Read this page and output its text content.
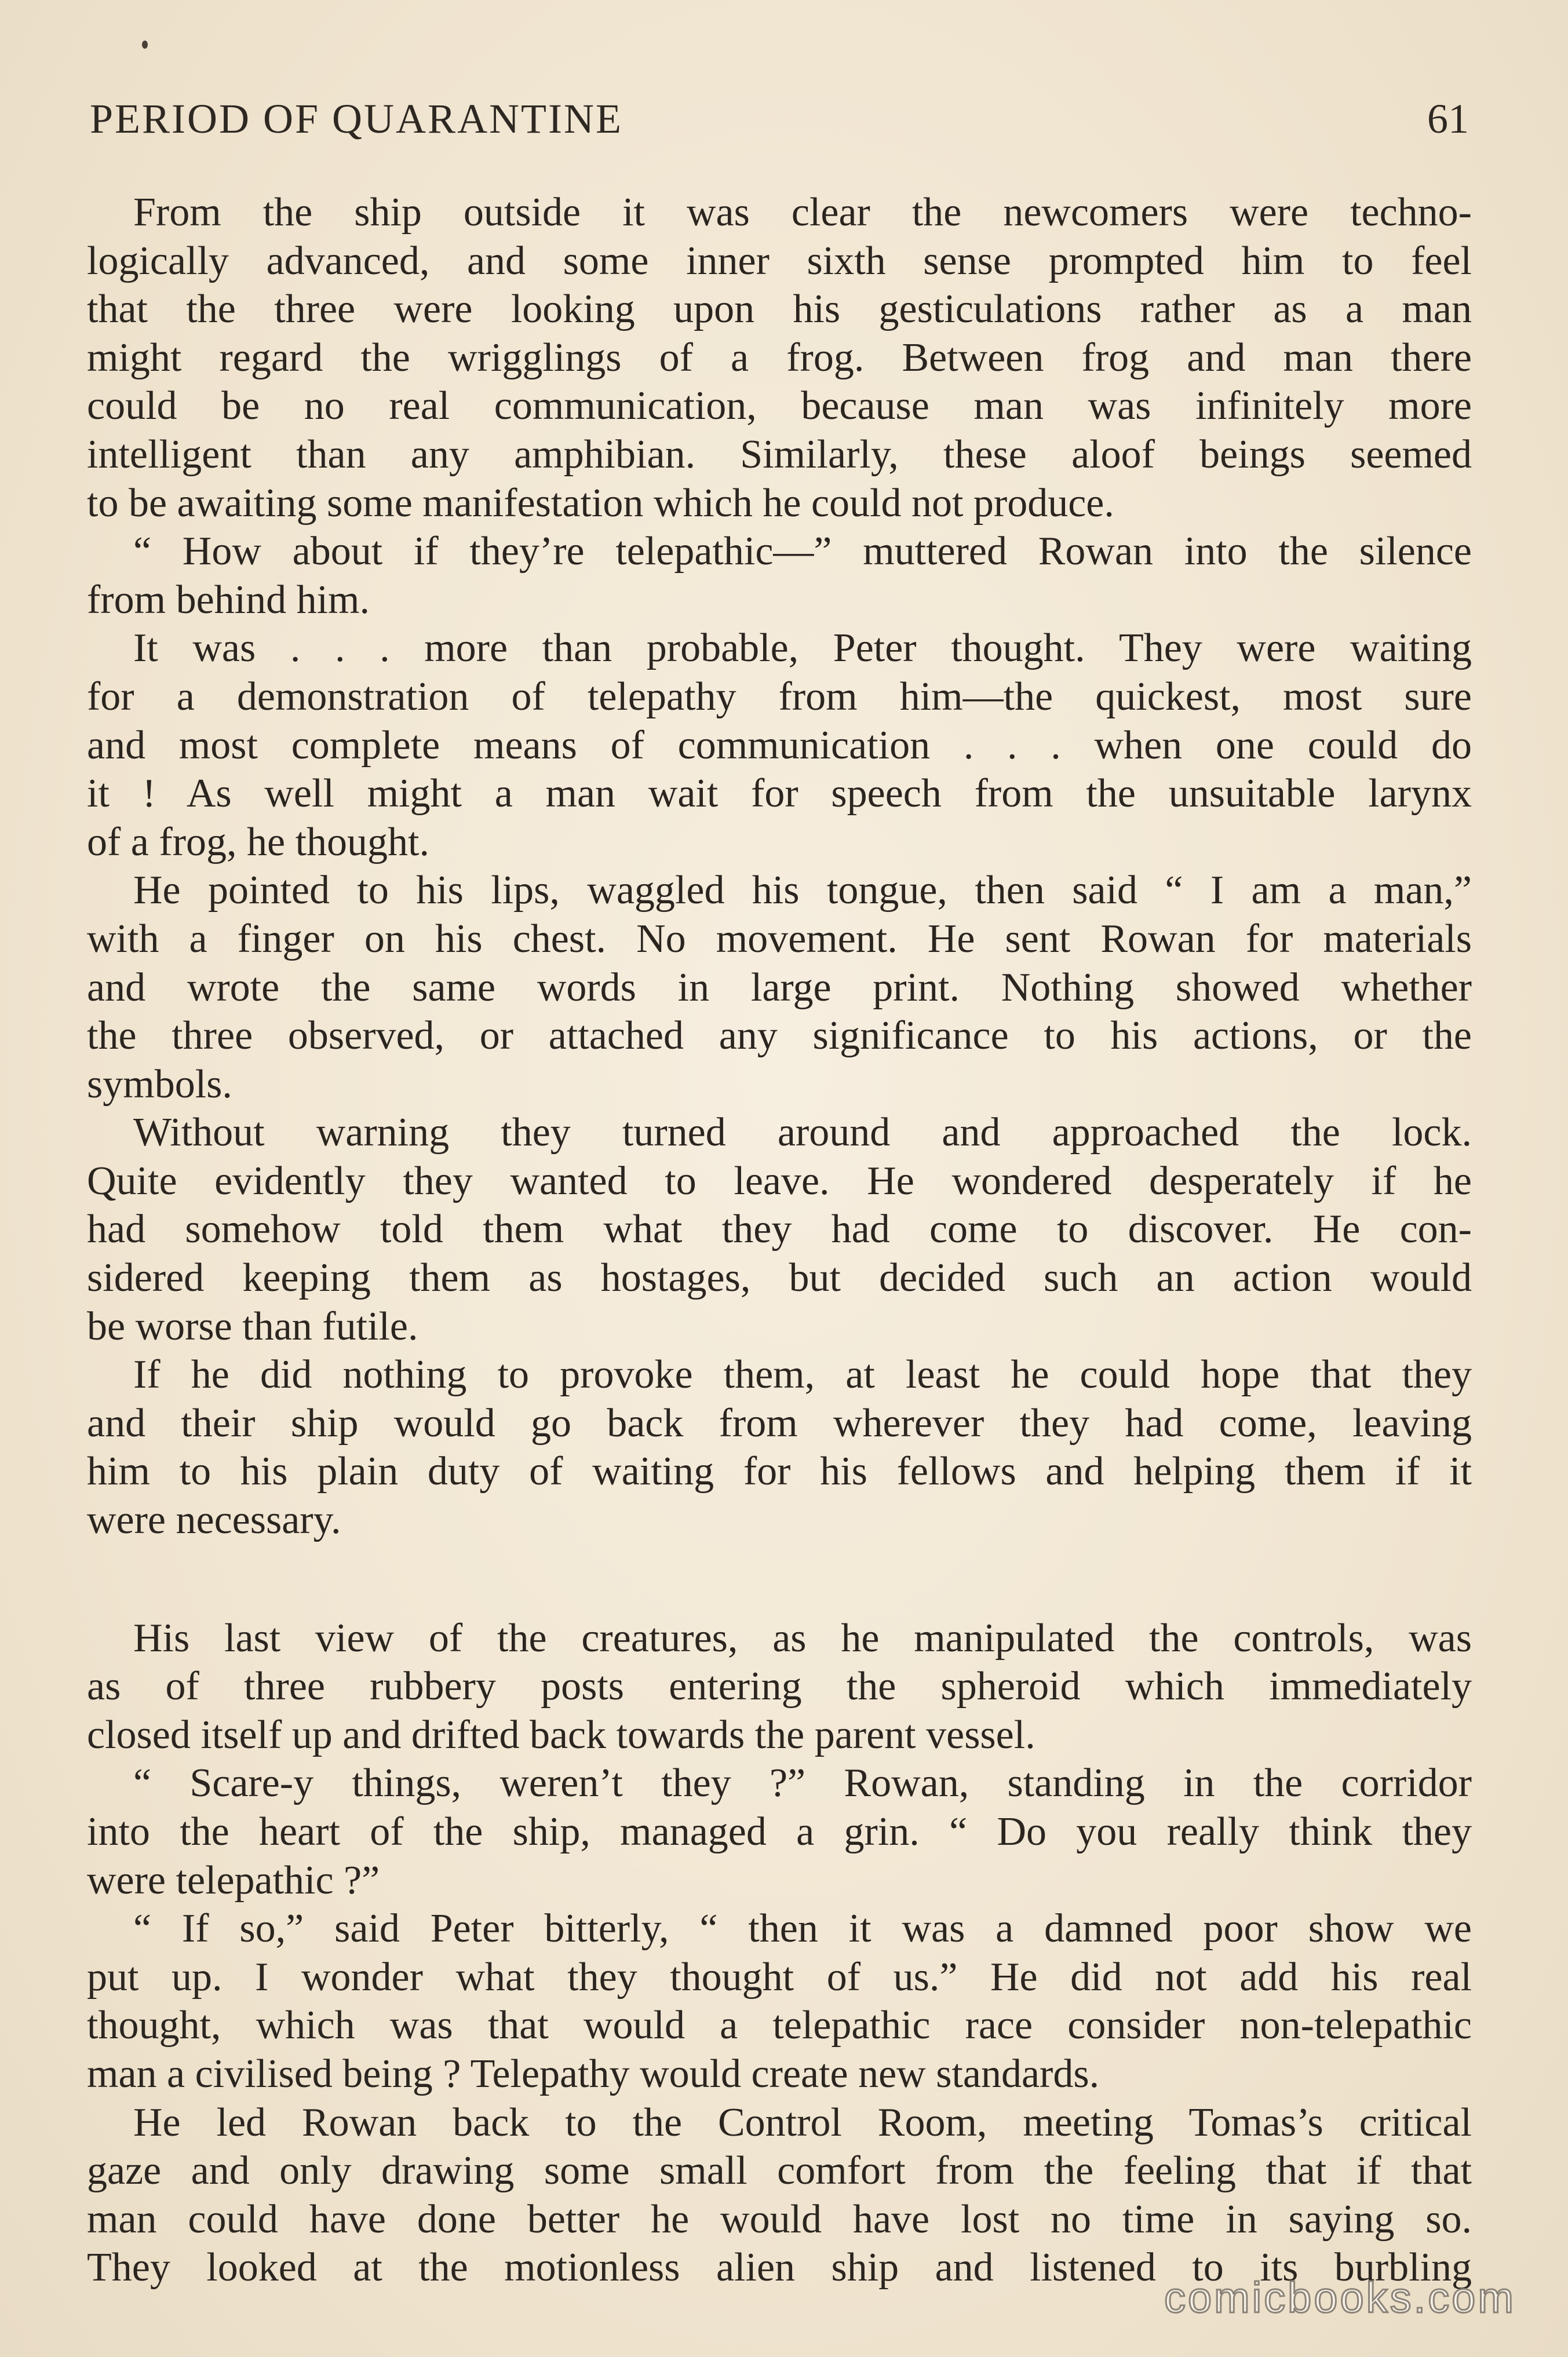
PERIOD OF QUARANTINE	61
From the ship outside it was clear the newcomers were techno-
logically advanced, and some inner sixth sense prompted him to feel
that the three were looking upon his gesticulations rather as a man
might regard the wrigglings of a frog. Between frog and man there
could be no real communication, because man was infinitely more
intelligent than any amphibian. Similarly, these aloof beings seemed
to be awaiting some manifestation which he could not produce.
“ How about if they’re telepathic—” muttered Rowan into the silence
from behind him.
It was . . . more than probable, Peter thought. They were waiting
for a demonstration of telepathy from him—the quickest, most sure
and most complete means of communication . . . when one could do
it ! As well might a man wait for speech from the unsuitable larynx
of a frog, he thought.
He pointed to his lips, waggled his tongue, then said “ I am a man,”
with a finger on his chest. No movement. He sent Rowan for materials
and wrote the same words in large print. Nothing showed whether
the three observed, or attached any significance to his actions, or the
symbols.
Without warning they turned around and approached the lock.
Quite evidently they wanted to leave. He wondered desperately if he
had somehow told them what they had come to discover. He con-
sidered keeping them as hostages, but decided such an action would
be worse than futile.
If he did nothing to provoke them, at least he could hope that they
and their ship would go back from wherever they had come, leaving
him to his plain duty of waiting for his fellows and helping them if it
were necessary.
His last view of the creatures, as he manipulated the controls, was
as of three rubbery posts entering the spheroid which immediately
closed itself up and drifted back towards the parent vessel.
“ Scare-y things, weren’t they ?” Rowan, standing in the corridor
into the heart of the ship, managed a grin. “ Do you really think they
were telepathic ?”
“ If so,” said Peter bitterly, “ then it was a damned poor show we
put up. I wonder what they thought of us.” He did not add his real
thought, which was that would a telepathic race consider non-telepathic
man a civilised being ? Telepathy would create new standards.
He led Rowan back to the Control Room, meeting Tomas’s critical
gaze and only drawing some small comfort from the feeling that if that
man could have done better he would have lost no time in saying so.
They looked at the motionless alien ship and listened to its burbling
comicbooks.com
